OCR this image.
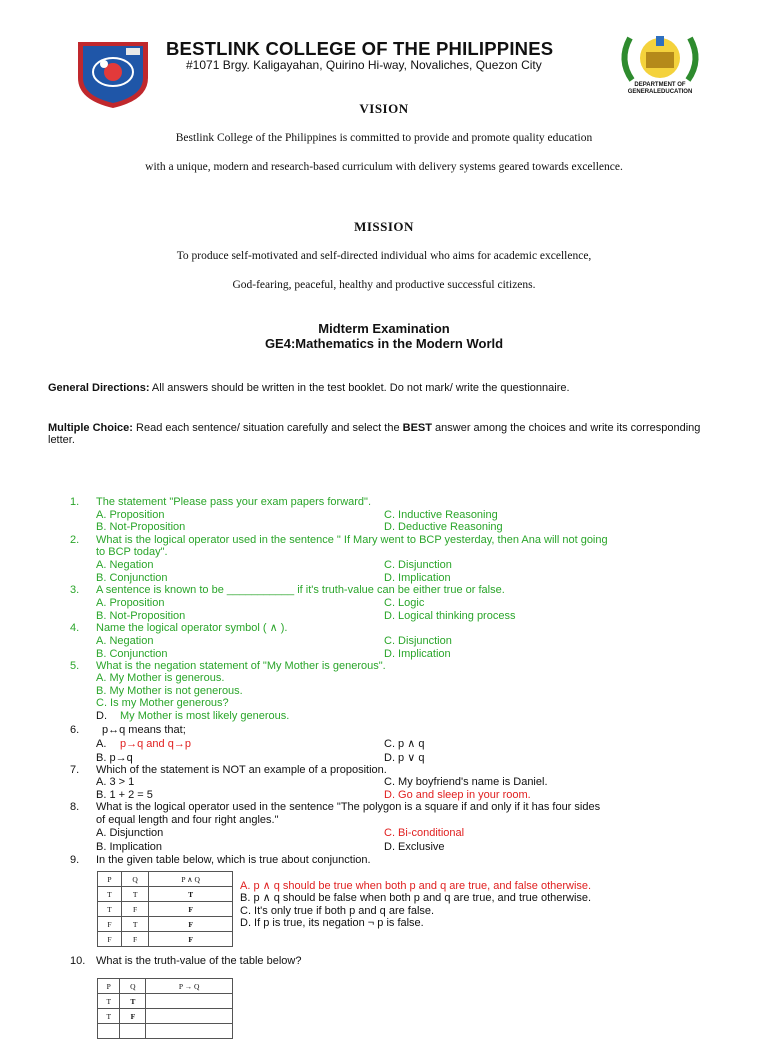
DEPARTMENT OF
GENERALEDUCATION
BESTLINK COLLEGE OF THE PHILIPPINES
#1071 Brgy. Kaligayahan, Quirino Hi-way, Novaliches, Quezon City
VISION
Bestlink College of the Philippines is committed to provide and promote quality education
with a unique, modern and research-based curriculum with delivery systems geared towards excellence.
MISSION
To produce self-motivated and self-directed individual who aims for academic excellence,
God-fearing, peaceful, healthy and productive successful citizens.
Midterm Examination
GE4:Mathematics in the Modern World
General Directions: All answers should be written in the test booklet. Do not mark/ write the questionnaire.
Multiple Choice: Read each sentence/ situation carefully and select the BEST answer among the choices and write its corresponding letter.
1. The statement "Please pass your exam papers forward".
A. Proposition	C. Inductive Reasoning
B. Not-Proposition	D. Deductive Reasoning
2. What is the logical operator used in the sentence " If Mary went to BCP yesterday, then Ana will not going
to BCP today".
A. Negation	C. Disjunction
B. Conjunction	D. Implication
3. A sentence is known to be ___________ if it's truth-value can be either true or false.
A. Proposition	C. Logic
B. Not-Proposition	D. Logical thinking process
4. Name the logical operator symbol ( ∧ ).
A. Negation	C. Disjunction
B. Conjunction	D. Implication
5. What is the negation statement of "My Mother is generous".
A. My Mother is generous.
B. My Mother is not generous.
C. Is my Mother generous?
D. My Mother is most likely generous.
6. p↔q means that;
A. p→q and q→p	C. p ∧ q
B. p→q	D. p ∨ q
7. Which of the statement is NOT an example of a proposition.
A. 3 > 1	C. My boyfriend's name is Daniel.
B. 1 + 2 = 5	D. Go and sleep in your room.
8. What is the logical operator used in the sentence "The polygon is a square if and only if it has four sides
of equal length and four right angles."
A. Disjunction	C. Bi-conditional
B. Implication	D. Exclusive
9. In the given table below, which is true about conjunction.
P	Q	P ∧ Q
T	T	T
T	F	F
F	T	F
F	F	F
A. p ∧ q should be true when both p and q are true, and false otherwise.
B. p ∧ q should be false when both p and q are true, and true otherwise.
C. It's only true if both p and q are false.
D. If p is true, its negation ¬ p is false.
10. What is the truth-value of the table below?
P	Q	P → Q
T	T	
T	F	
